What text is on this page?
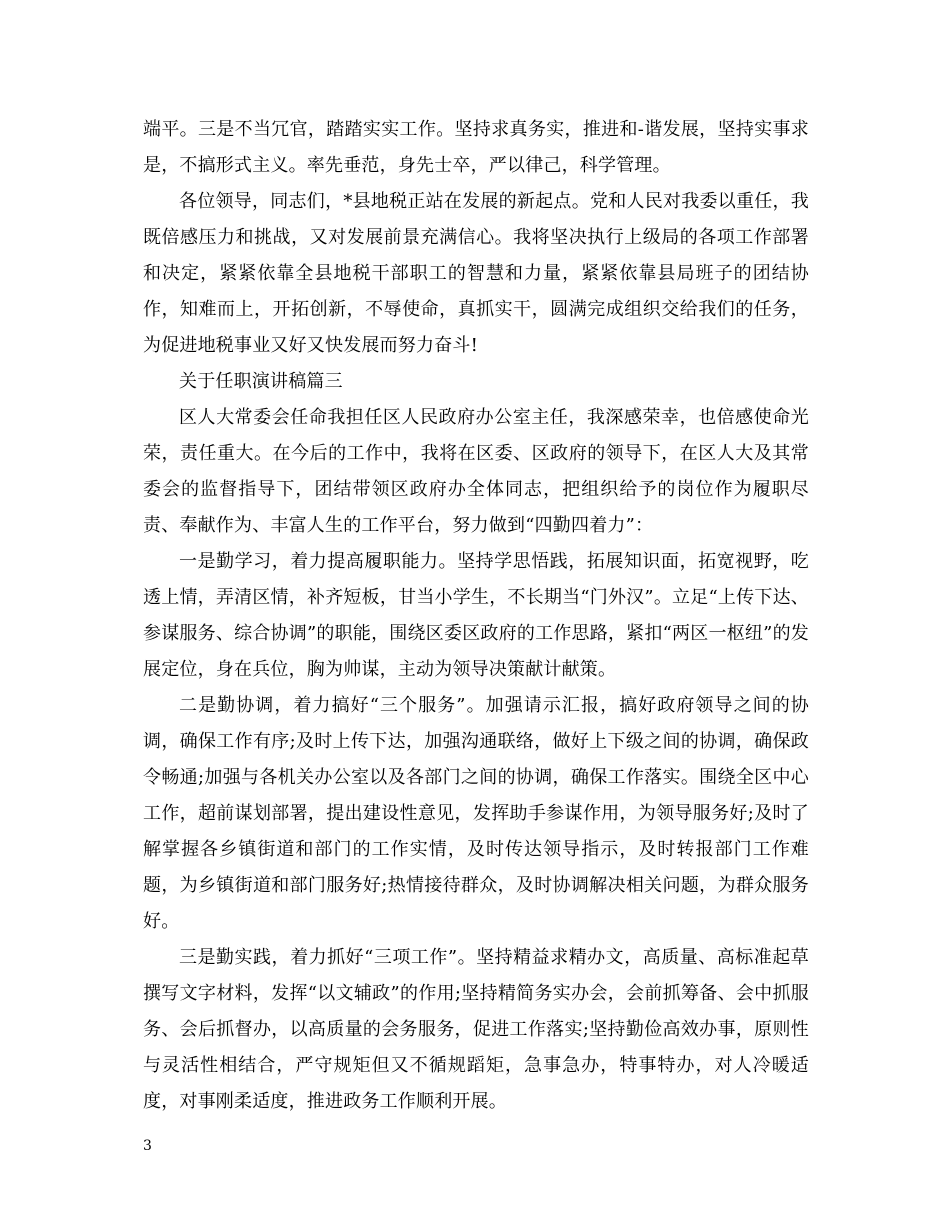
端平。三是不当冗官，踏踏实实工作。坚持求真务实，推进和-谐发展，坚持实事求是，不搞形式主义。率先垂范，身先士卒，严以律己，科学管理。

各位领导，同志们，*县地税正站在发展的新起点。党和人民对我委以重任，我既倍感压力和挑战，又对发展前景充满信心。我将坚决执行上级局的各项工作部署和决定，紧紧依靠全县地税干部职工的智慧和力量，紧紧依靠县局班子的团结协作，知难而上，开拓创新，不辱使命，真抓实干，圆满完成组织交给我们的任务，为促进地税事业又好又快发展而努力奋斗!

关于任职演讲稿篇三

区人大常委会任命我担任区人民政府办公室主任，我深感荣幸，也倍感使命光荣，责任重大。在今后的工作中，我将在区委、区政府的领导下，在区人大及其常委会的监督指导下，团结带领区政府办全体同志，把组织给予的岗位作为履职尽责、奉献作为、丰富人生的工作平台，努力做到“四勤四着力”：

一是勤学习，着力提高履职能力。坚持学思悟践，拓展知识面，拓宽视野，吃透上情，弄清区情，补齐短板，甘当小学生，不长期当“门外汉”。立足“上传下达、参谋服务、综合协调”的职能，围绕区委区政府的工作思路，紧扣“两区一枢纽”的发展定位，身在兵位，胸为帅谋，主动为领导决策献计献策。

二是勤协调，着力搞好“三个服务”。加强请示汇报，搞好政府领导之间的协调，确保工作有序;及时上传下达，加强沟通联络，做好上下级之间的协调，确保政令畅通;加强与各机关办公室以及各部门之间的协调，确保工作落实。围绕全区中心工作，超前谋划部署，提出建设性意见，发挥助手参谋作用，为领导服务好;及时了解掌握各乡镇街道和部门的工作实情，及时传达领导指示，及时转报部门工作难题，为乡镇街道和部门服务好;热情接待群众，及时协调解决相关问题，为群众服务好。

三是勤实践，着力抓好“三项工作”。坚持精益求精办文，高质量、高标准起草撰写文字材料，发挥“以文辅政”的作用;坚持精简务实办会，会前抓筹备、会中抓服务、会后抓督办，以高质量的会务服务，促进工作落实;坚持勤俭高效办事，原则性与灵活性相结合，严守规矩但又不循规蹈矩，急事急办，特事特办，对人冷暖适度，对事刚柔适度，推进政务工作顺利开展。

3
